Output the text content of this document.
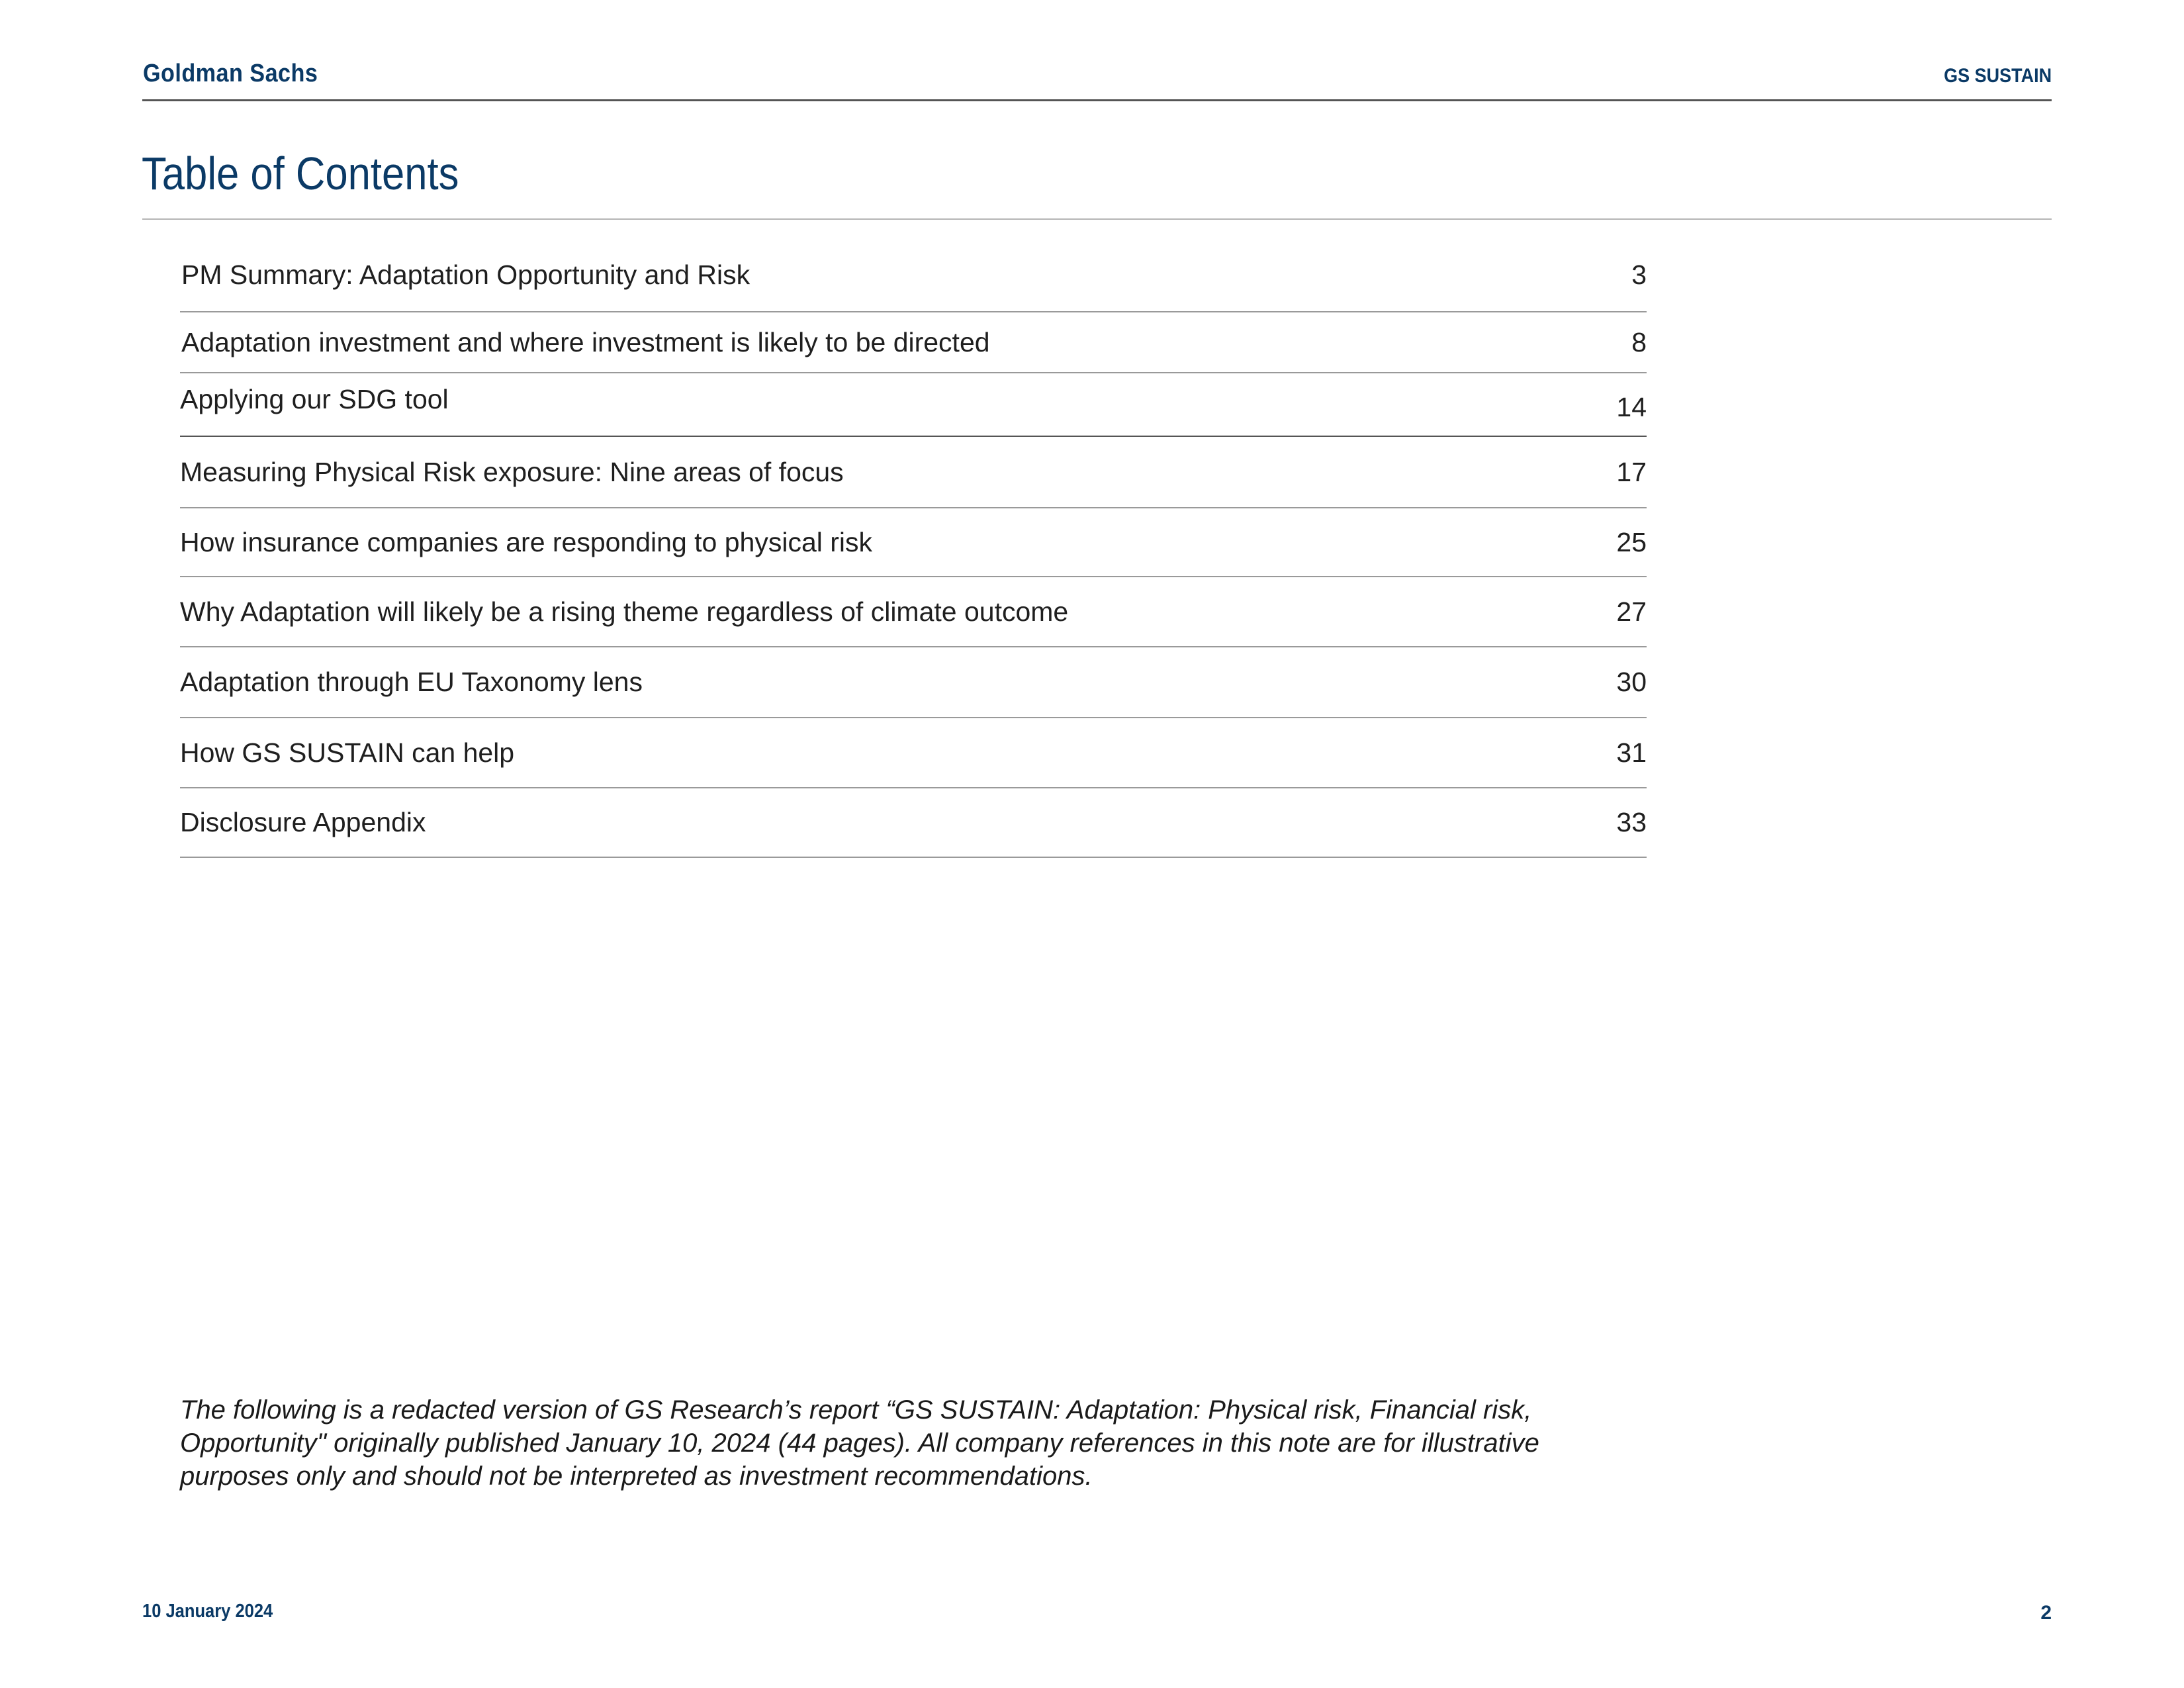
Goldman Sachs	GS SUSTAIN
Table of Contents
PM Summary: Adaptation Opportunity and Risk	3
Adaptation investment and where investment is likely to be directed	8
Applying our SDG tool	14
Measuring Physical Risk exposure: Nine areas of focus	17
How insurance companies are responding to physical risk	25
Why Adaptation will likely be a rising theme regardless of climate outcome	27
Adaptation through EU Taxonomy lens	30
How GS SUSTAIN can help	31
Disclosure Appendix	33
The following is a redacted version of GS Research’s report “GS SUSTAIN: Adaptation: Physical risk, Financial risk, Opportunity" originally published January 10, 2024 (44 pages). All company references in this note are for illustrative purposes only and should not be interpreted as investment recommendations.
10 January 2024	2
